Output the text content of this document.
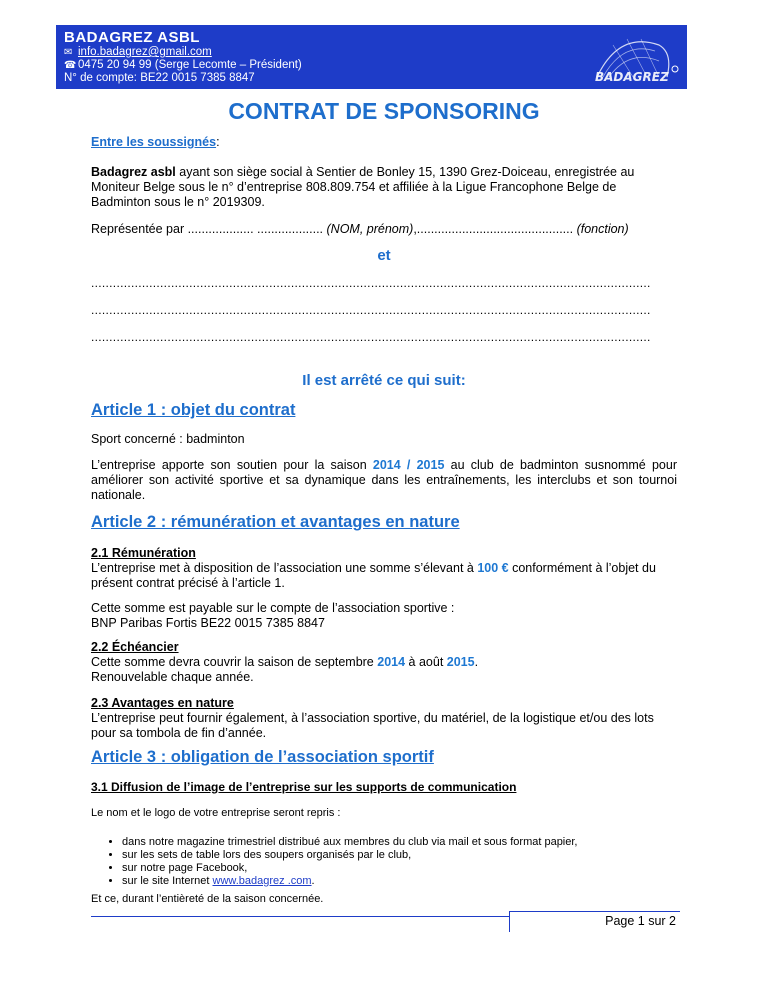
BADAGREZ ASBL
✉ info.badagrez@gmail.com
☎ 0475 20 94 99 (Serge Lecomte – Président)
N° de compte: BE22 0015 7385 8847	BADAGREZ
CONTRAT DE SPONSORING
Entre les soussignés:
Badagrez asbl ayant son siège social à Sentier de Bonley 15, 1390 Grez-Doiceau, enregistrée au Moniteur Belge sous le n° d’entreprise 808.809.754 et affiliée à la Ligue Francophone Belge de Badminton sous le n° 2019309.
Représentée par ................... ................... (NOM, prénom),............................................. (fonction)
et
..........................................................................................................................................................
..........................................................................................................................................................
..........................................................................................................................................................
Il est arrêté ce qui suit:
Article 1 : objet du contrat
Sport concerné : badminton
L’entreprise apporte son soutien pour la saison 2014 / 2015 au club de badminton susnommé pour améliorer son activité sportive et sa dynamique dans les entraînements, les interclubs et son tournoi nationale.
Article 2 : rémunération et avantages en nature
2.1 Rémunération
L’entreprise met à disposition de l’association une somme s’élevant à 100 € conformément à l’objet du présent contrat précisé à l’article 1.
Cette somme est payable sur le compte de l’association sportive :
BNP Paribas Fortis BE22 0015 7385 8847
2.2 Échéancier
Cette somme devra couvrir la saison de septembre 2014 à août 2015.
Renouvelable chaque année.
2.3 Avantages en nature
L’entreprise peut fournir également, à l’association sportive, du matériel, de la logistique et/ou des lots pour sa tombola de fin d’année.
Article 3 : obligation de l’association sportif
3.1 Diffusion de l’image de l’entreprise sur les supports de communication
Le nom et le logo de votre entreprise seront repris :
• dans notre magazine trimestriel distribué aux membres du club via mail et sous format papier,
• sur les sets de table lors des soupers organisés par le club,
• sur notre page Facebook,
• sur le site Internet www.badagrez .com.
Et ce, durant l’entièreté de la saison concernée.
Page 1 sur 2
